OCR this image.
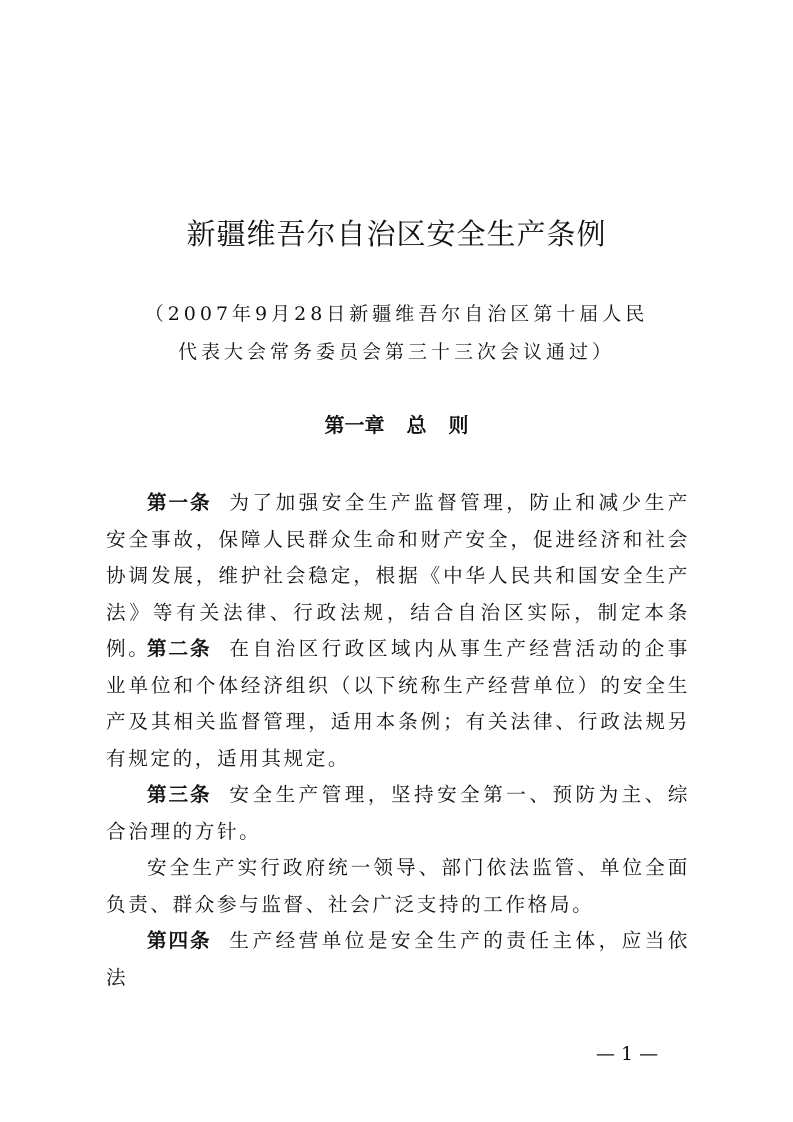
新疆维吾尔自治区安全生产条例
（2007年9月28日新疆维吾尔自治区第十届人民
代表大会常务委员会第三十三次会议通过）
第一章 总 则
第一条 为了加强安全生产监督管理，防止和减少生产安全事故，保障人民群众生命和财产安全，促进经济和社会协调发展，维护社会稳定，根据《中华人民共和国安全生产法》等有关法律、行政法规，结合自治区实际，制定本条例。
第二条 在自治区行政区域内从事生产经营活动的企事业单位和个体经济组织（以下统称生产经营单位）的安全生产及其相关监督管理，适用本条例；有关法律、行政法规另有规定的，适用其规定。
第三条 安全生产管理，坚持安全第一、预防为主、综合治理的方针。
安全生产实行政府统一领导、部门依法监管、单位全面负责、群众参与监督、社会广泛支持的工作格局。
第四条 生产经营单位是安全生产的责任主体，应当依法
— 1 —
